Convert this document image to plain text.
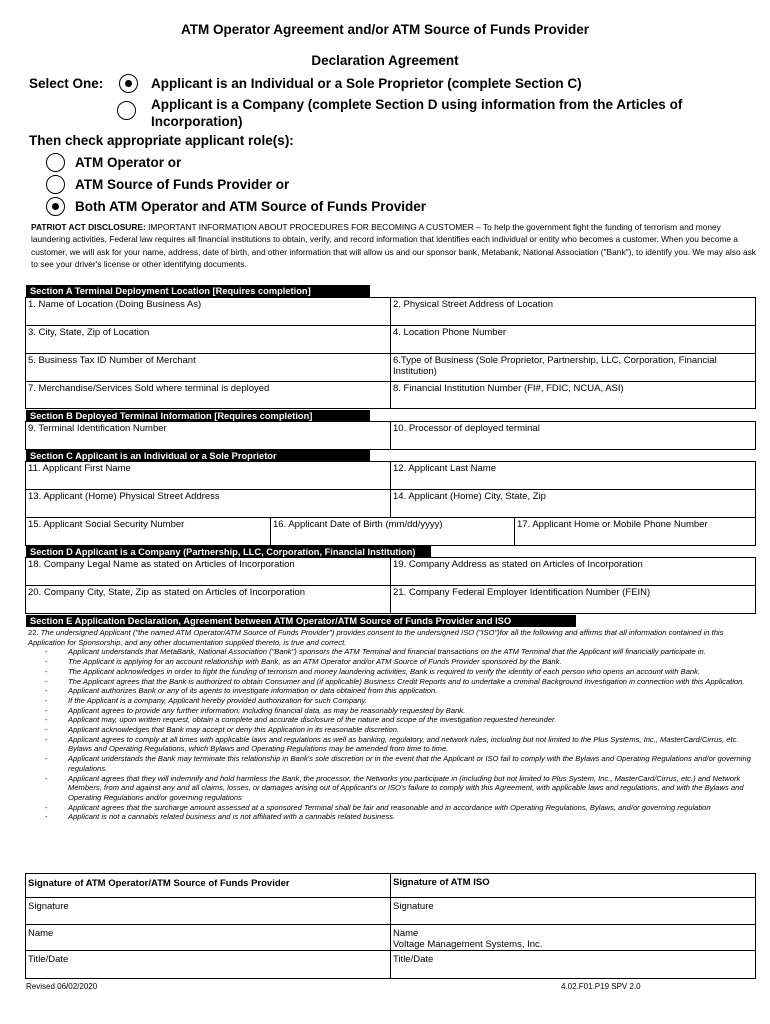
ATM Operator Agreement and/or ATM Source of Funds Provider
Declaration Agreement
Select One:	Applicant is an Individual or a Sole Proprietor (complete Section C)
Applicant is a Company (complete Section D using information from the Articles of
Incorporation)
Then check appropriate applicant role(s):
ATM Operator or
ATM Source of Funds Provider or
Both ATM Operator and ATM Source of Funds Provider
PATRIOT ACT DISCLOSURE: IMPORTANT INFORMATION ABOUT PROCEDURES FOR BECOMING A CUSTOMER – To help the government fight the funding of terrorism and money laundering activities, Federal law requires all financial institutions to obtain, verify, and record information that identifies each individual or entity who becomes a customer. When you become a customer, we will ask for your name, address, date of birth, and other information that will allow us and our sponsor bank, Metabank, National Association ("Bank"), to identify you. We may also ask to see your driver's license or other identifying documents.
Section A Terminal Deployment Location [Requires completion]
1. Name of Location (Doing Business As)	2. Physical Street Address of Location
3. City, State, Zip of Location	4. Location Phone Number
5. Business Tax ID Number of Merchant	6.Type of Business (Sole Proprietor, Partnership, LLC, Corporation, Financial Institution)
7. Merchandise/Services Sold where terminal is deployed	8. Financial Institution Number (FI#, FDIC, NCUA, ASI)
Section B Deployed Terminal Information [Requires completion]
9. Terminal Identification Number	10. Processor of deployed terminal
Section C Applicant is an Individual or a Sole Proprietor
11. Applicant First Name	12. Applicant Last Name
13. Applicant (Home) Physical Street Address	14. Applicant (Home) City, State, Zip
15. Applicant Social Security Number	16. Applicant Date of Birth (mm/dd/yyyy)	17. Applicant Home or Mobile Phone Number
Section D Applicant is a Company (Partnership, LLC, Corporation, Financial Institution)
18. Company Legal Name as stated on Articles of Incorporation	19. Company Address as stated on Articles of Incorporation
20. Company City, State, Zip as stated on Articles of Incorporation	21. Company Federal Employer Identification Number (FEIN)
Section E Application Declaration, Agreement between ATM Operator/ATM Source of Funds Provider and ISO
22. The undersigned Applicant ("the named ATM Operator/ATM Source of Funds Provider") provides consent to the undersigned ISO ("ISO")for all the following and affirms that all information contained in this Application for Sponsorship, and any other documentation supplied thereto, is true and correct.
- Applicant understands that MetaBank, National Association ("Bank") sponsors the ATM Terminal and financial transactions on the ATM Terminal that the Applicant will financially participate in.
- The Applicant is applying for an account relationship with Bank, as an ATM Operator and/or ATM Source of Funds Provider sponsored by the Bank.
- The Applicant acknowledges in order to fight the funding of terrorism and money laundering activities, Bank is required to verify the identity of each person who opens an account with Bank.
- The Applicant agrees that the Bank is authorized to obtain Consumer and (if applicable) Business Credit Reports and to undertake a criminal Background Investigation in connection with this Application.
- Applicant authorizes Bank or any of its agents to investigate information or data obtained from this application.
- If the Applicant is a company, Applicant hereby provided authorization for such Company.
- Applicant agrees to provide any further information, including financial data, as may be reasonably requested by Bank.
- Applicant may, upon written request, obtain a complete and accurate disclosure of the nature and scope of the investigation requested hereunder.
- Applicant acknowledges that Bank may accept or deny this Application in its reasonable discretion.
- Applicant agrees to comply at all times with applicable laws and regulations as well as banking, regulatory, and network rules, including but not limited to the Plus Systems, Inc., MasterCard/Cirrus, etc. Bylaws and Operating Regulations, which Bylaws and Operating Regulations may be amended from time to time.
- Applicant understands the Bank may terminate this relationship in Bank's sole discretion or in the event that the Applicant or ISO fail to comply with the Bylaws and Operating Regulations and/or governing regulations.
- Applicant agrees that they will indemnify and hold harmless the Bank, the processor, the Networks you participate in (including but not limited to Plus System, Inc., MasterCard/Cirrus, etc.) and Network Members, from and against any and all claims, losses, or damages arising out of Applicant's or ISO's failure to comply with this Agreement, with applicable laws and regulations, and with the Bylaws and Operating Regulations and/or governing regulations
- Applicant agrees that the surcharge amount assessed at a sponsored Terminal shall be fair and reasonable and in accordance with Operating Regulations, Bylaws, and/or governing regulation
- Applicant is not a cannabis related business and is not affiliated with a cannabis related business.
Signature of ATM Operator/ATM Source of Funds Provider	Signature of ATM ISO
Signature	Signature
Name	Name
Voltage Management Systems, Inc.

Title/Date	Title/Date
Revised 06/02/2020	4.02.F01.P19 SPV 2.0
